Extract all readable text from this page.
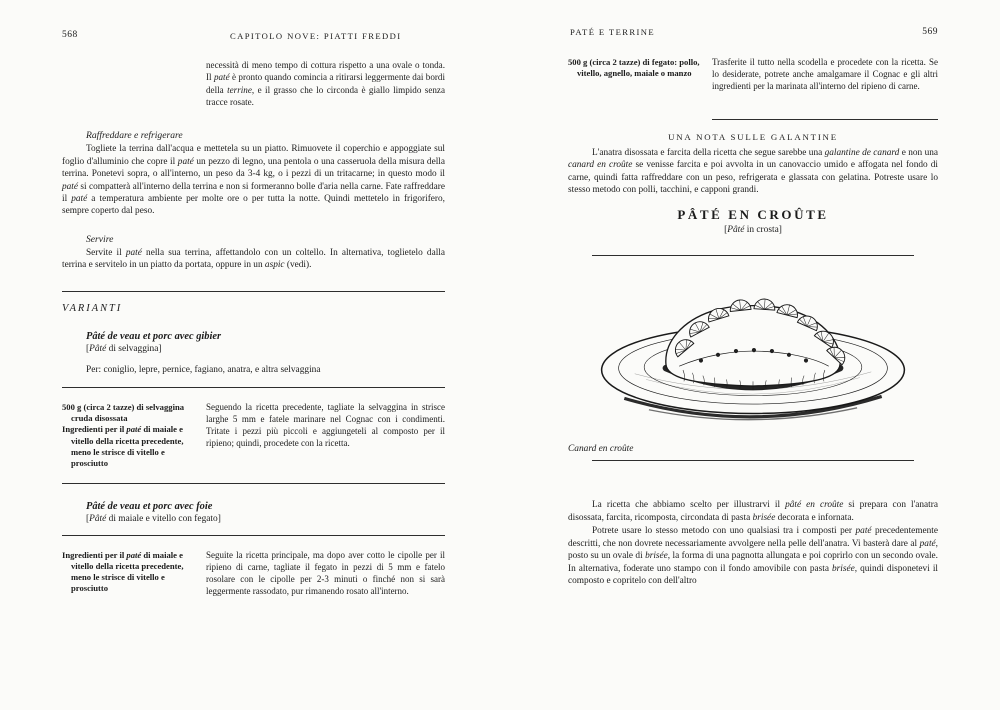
568	CAPITOLO NOVE: PIATTI FREDDI

necessità di meno tempo di cottura rispetto a una ovale o tonda. Il paté è pronto quando comincia a ritirarsi leggermente dai bordi della terrine, e il grasso che lo circonda è giallo limpido senza tracce rosate.

Raffreddare e refrigerare

Togliete la terrina dall'acqua e mettetela su un piatto. Rimuovete il coperchio e appoggiate sul foglio d'alluminio che copre il paté un pezzo di legno, una pentola o una casseruola della misura della terrina. Ponetevi sopra, o all'interno, un peso da 3-4 kg, o i pezzi di un tritacarne; in questo modo il paté si compatterà all'interno della terrina e non si formeranno bolle d'aria nella carne. Fate raffreddare il paté a temperatura ambiente per molte ore o per tutta la notte. Quindi mettetelo in frigorifero, sempre coperto dal peso.

Servire

Servite il paté nella sua terrina, affettandolo con un coltello. In alternativa, toglietelo dalla terrina e servitelo in un piatto da portata, oppure in un aspic (vedi).

VARIANTI
Pâté de veau et porc avec gibier
[Pâté di selvaggina]

Per: coniglio, lepre, pernice, fagiano, anatra, e altra selvaggina

500 g (circa 2 tazze) di selvaggina cruda disossata
Ingredienti per il paté di maiale e vitello della ricetta precedente, meno le strisce di vitello e prosciutto

Seguendo la ricetta precedente, tagliate la selvaggina in strisce larghe 5 mm e fatele marinare nel Cognac con i condimenti. Tritate i pezzi più piccoli e aggiungeteli al composto per il ripieno; quindi, procedete con la ricetta.

Pâté de veau et porc avec foie
[Pâté di maiale e vitello con fegato]
Ingredienti per il paté di maiale e vitello della ricetta precedente, meno le strisce di vitello e prosciutto

Seguite la ricetta principale, ma dopo aver cotto le cipolle per il ripieno di carne, tagliate il fegato in pezzi di 5 mm e fatelo rosolare con le cipolle per 2-3 minuti o finché non si sarà leggermente rassodato, pur rimanendo rosato all'interno.

PATÉ E TERRINE	569
500 g (circa 2 tazze) di fegato: pollo, vitello, agnello, maiale o manzo

Trasferite il tutto nella scodella e procedete con la ricetta. Se lo desiderate, potrete anche amalgamare il Cognac e gli altri ingredienti per la marinata all'interno del ripieno di carne.

UNA NOTA SULLE GALANTINE

L'anatra disossata e farcita della ricetta che segue sarebbe una galantine de canard e non una canard en croûte se venisse farcita e poi avvolta in un canovaccio umido e affogata nel fondo di carne, quindi fatta raffreddare con un peso, refrigerata e glassata con gelatina. Potreste usare lo stesso metodo con polli, tacchini, e capponi grandi.

PÂTÉ EN CROÛTE
[Pâté in crosta]
Canard en croûte

La ricetta che abbiamo scelto per illustrarvi il pâté en croûte si prepara con l'anatra disossata, farcita, ricomposta, circondata di pasta brisée decorata e infornata.

Potrete usare lo stesso metodo con uno qualsiasi tra i composti per paté precedentemente descritti, che non dovrete necessariamente avvolgere nella pelle dell'anatra. Vi basterà dare al paté, posto su un ovale di brisée, la forma di una pagnotta allungata e poi coprirlo con un secondo ovale. In alternativa, foderate uno stampo con il fondo amovibile con pasta brisée, quindi disponetevi il composto e copritelo con dell'altro
